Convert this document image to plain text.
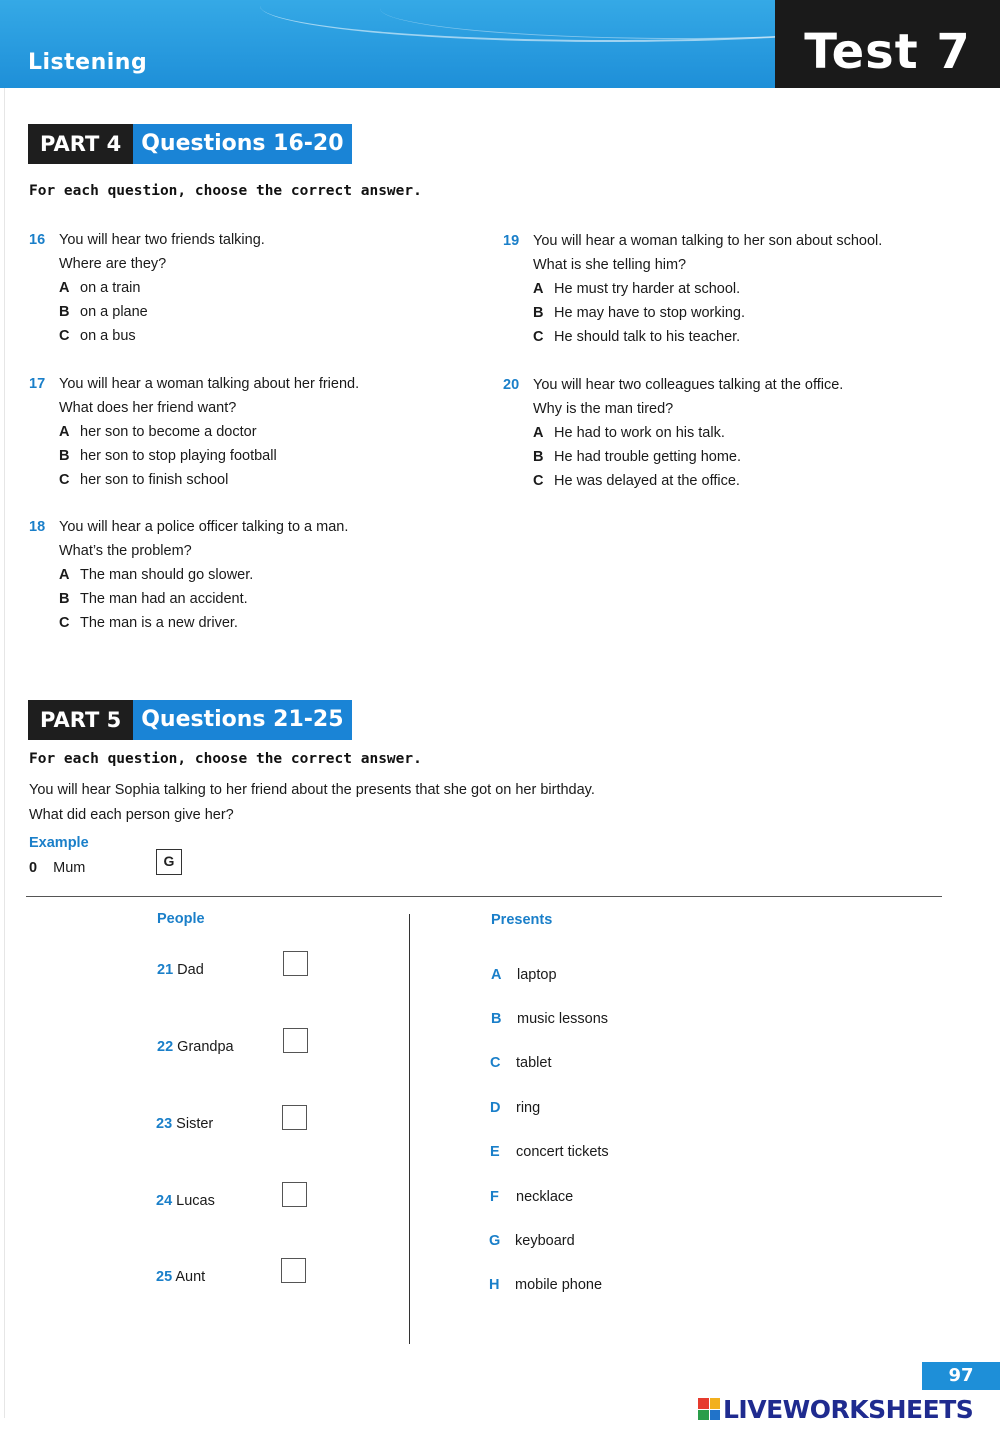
Listening	Test 7
PART 4 Questions 16-20
For each question, choose the correct answer.
16 You will hear two friends talking.
Where are they?
A on a train
B on a plane
C on a bus
17 You will hear a woman talking about her friend.
What does her friend want?
A her son to become a doctor
B her son to stop playing football
C her son to finish school
18 You will hear a police officer talking to a man.
What’s the problem?
A The man should go slower.
B The man had an accident.
C The man is a new driver.
19 You will hear a woman talking to her son about school.
What is she telling him?
A He must try harder at school.
B He may have to stop working.
C He should talk to his teacher.
20 You will hear two colleagues talking at the office.
Why is the man tired?
A He had to work on his talk.
B He had trouble getting home.
C He was delayed at the office.
PART 5 Questions 21-25
For each question, choose the correct answer.
You will hear Sophia talking to her friend about the presents that she got on her birthday.
What did each person give her?
Example
0 Mum	G
People	Presents
21 Dad
22 Grandpa
23 Sister
24 Lucas
25 Aunt
A laptop
B music lessons
C tablet
D ring
E concert tickets
F necklace
G keyboard
H mobile phone
97
LIVEWORKSHEETS
